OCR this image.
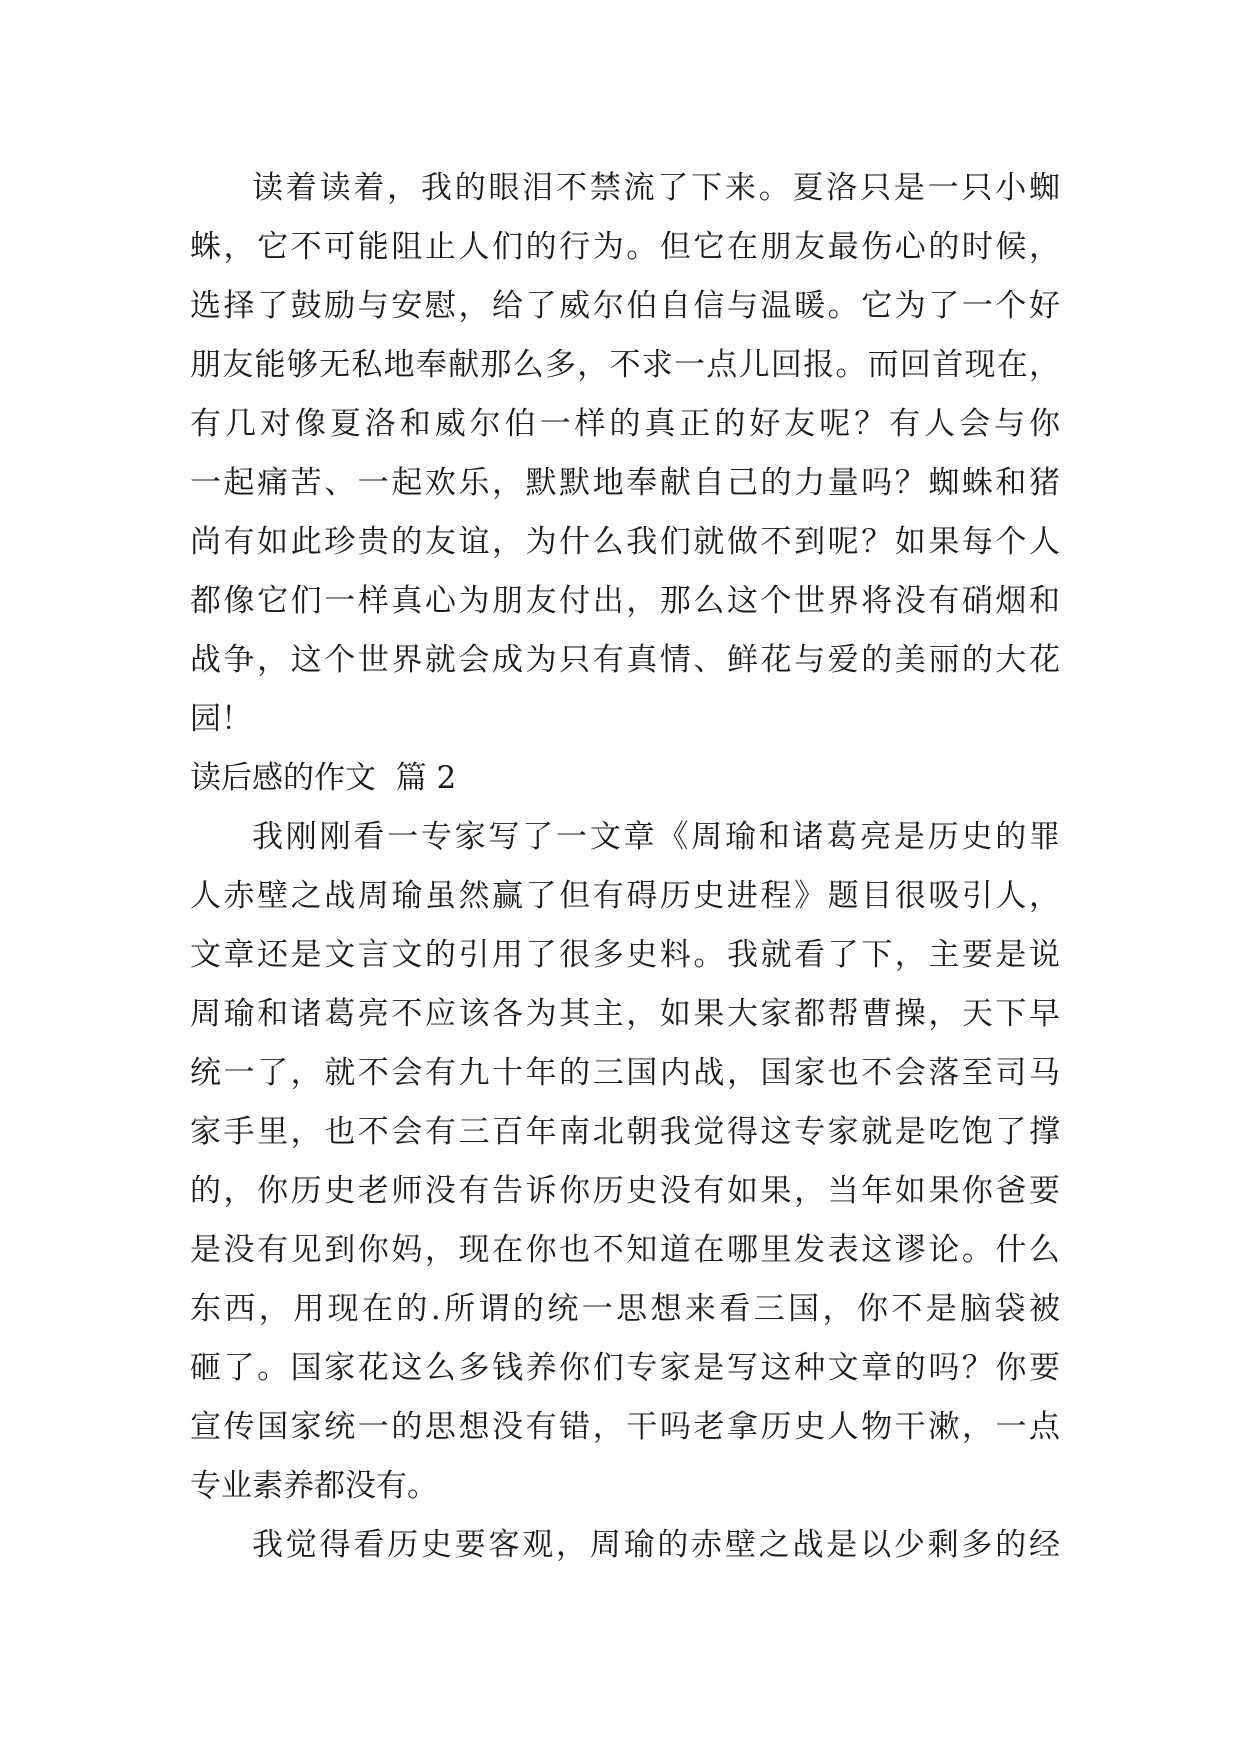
读着读着，我的眼泪不禁流了下来。夏洛只是一只小蜘
蛛，它不可能阻止人们的行为。但它在朋友最伤心的时候，
选择了鼓励与安慰，给了威尔伯自信与温暖。它为了一个好
朋友能够无私地奉献那么多，不求一点儿回报。而回首现在，
有几对像夏洛和威尔伯一样的真正的好友呢？有人会与你
一起痛苦、一起欢乐，默默地奉献自己的力量吗？蜘蛛和猪
尚有如此珍贵的友谊，为什么我们就做不到呢？如果每个人
都像它们一样真心为朋友付出，那么这个世界将没有硝烟和
战争，这个世界就会成为只有真情、鲜花与爱的美丽的大花
园！
读后感的作文  篇 2
我刚刚看一专家写了一文章《周瑜和诸葛亮是历史的罪
人赤壁之战周瑜虽然赢了但有碍历史进程》题目很吸引人，
文章还是文言文的引用了很多史料。我就看了下，主要是说
周瑜和诸葛亮不应该各为其主，如果大家都帮曹操，天下早
统一了，就不会有九十年的三国内战，国家也不会落至司马
家手里，也不会有三百年南北朝我觉得这专家就是吃饱了撑
的，你历史老师没有告诉你历史没有如果，当年如果你爸要
是没有见到你妈，现在你也不知道在哪里发表这谬论。什么
东西，用现在的.所谓的统一思想来看三国，你不是脑袋被
砸了。国家花这么多钱养你们专家是写这种文章的吗？你要
宣传国家统一的思想没有错，干吗老拿历史人物干漱，一点
专业素养都没有。
我觉得看历史要客观，周瑜的赤壁之战是以少剩多的经
